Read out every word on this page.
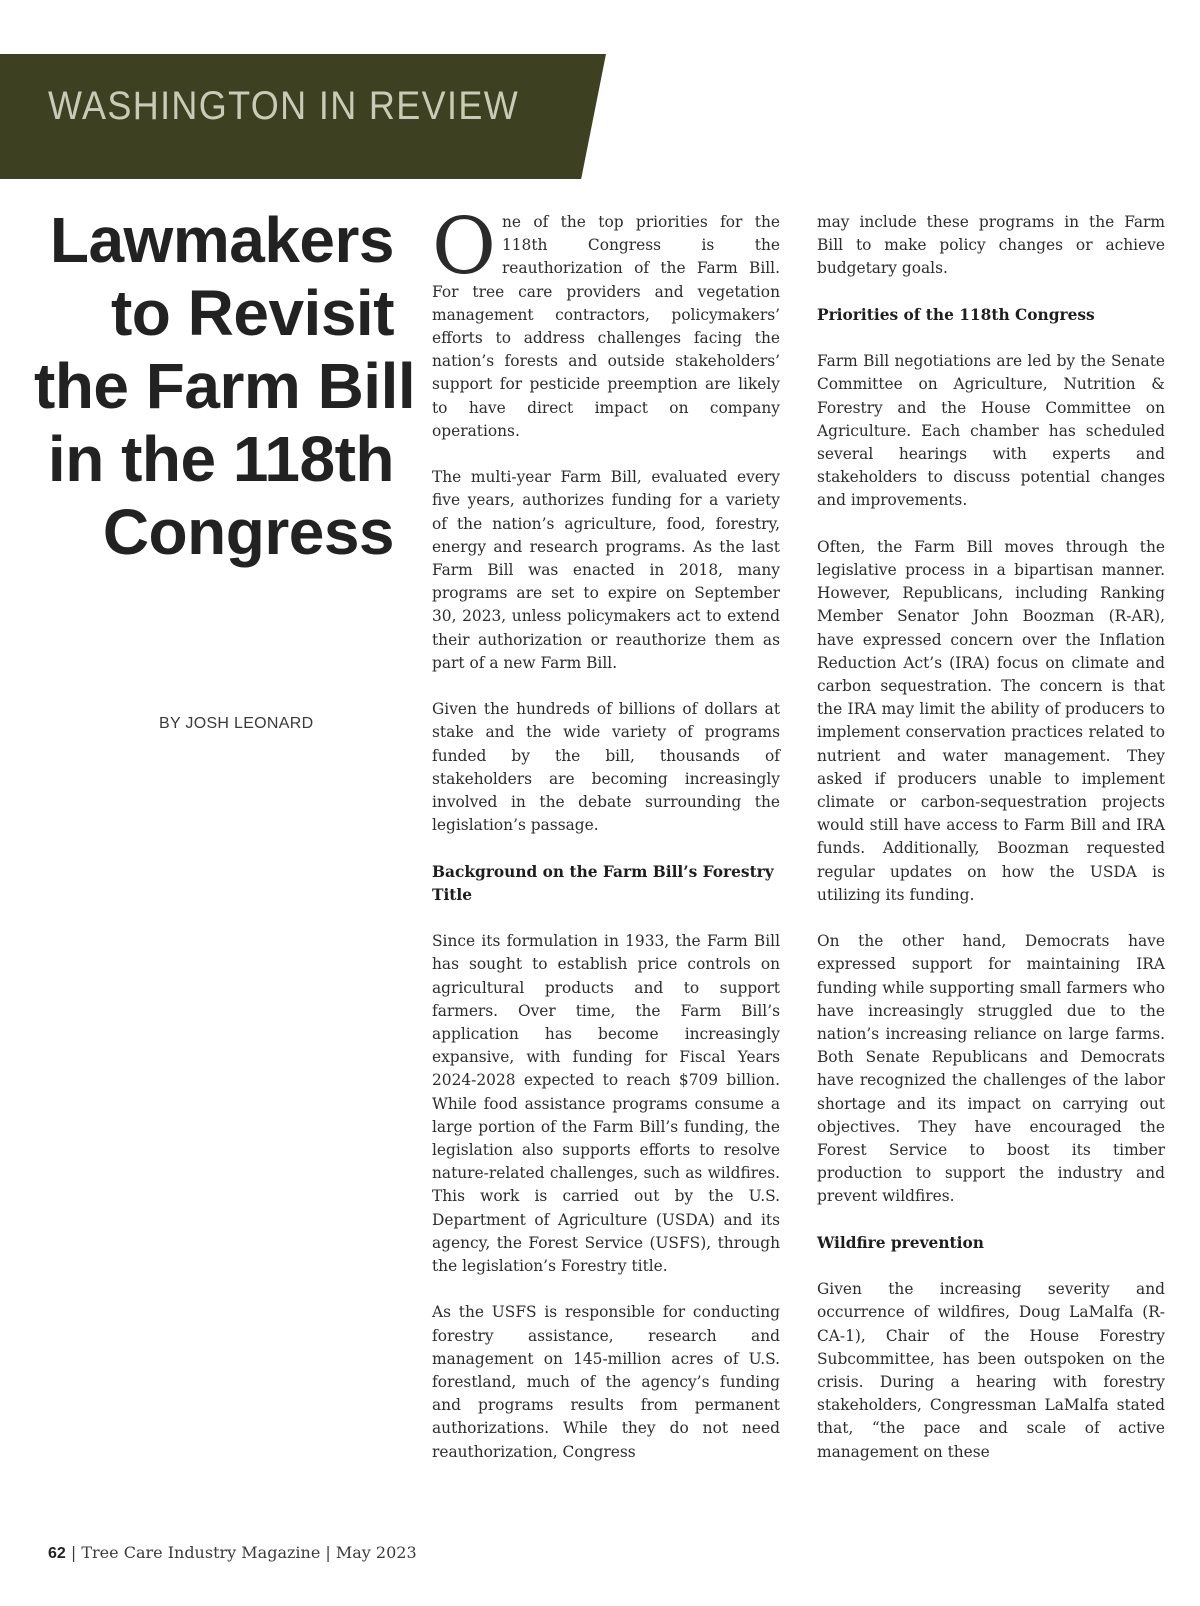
WASHINGTON IN REVIEW
Lawmakers
to Revisit
the Farm Bill
in the 118th
Congress
BY JOSH LEONARD

One of the top priorities for the 118th Congress is the reauthorization of the Farm Bill. For tree care providers and vegetation management contractors, policymakers’ efforts to address challenges facing the nation’s forests and outside stakeholders’ support for pesticide preemption are likely to have direct impact on company operations.

The multi-year Farm Bill, evaluated every five years, authorizes funding for a variety of the nation’s agriculture, food, forestry, energy and research programs. As the last Farm Bill was enacted in 2018, many programs are set to expire on September 30, 2023, unless policymakers act to extend their authorization or reauthorize them as part of a new Farm Bill.

Given the hundreds of billions of dollars at stake and the wide variety of programs funded by the bill, thousands of stakeholders are becoming increasingly involved in the debate surrounding the legislation’s passage.

Background on the Farm Bill’s Forestry Title

Since its formulation in 1933, the Farm Bill has sought to establish price controls on agricultural products and to support farmers. Over time, the Farm Bill’s application has become increasingly expansive, with funding for Fiscal Years 2024-2028 expected to reach $709 billion. While food assistance programs consume a large portion of the Farm Bill’s funding, the legislation also supports efforts to resolve nature-related challenges, such as wildfires. This work is carried out by the U.S. Department of Agriculture (USDA) and its agency, the Forest Service (USFS), through the legislation’s Forestry title.

As the USFS is responsible for conducting forestry assistance, research and management on 145-million acres of U.S. forestland, much of the agency’s funding and programs results from permanent authorizations. While they do not need reauthorization, Congress

may include these programs in the Farm Bill to make policy changes or achieve budgetary goals.

Priorities of the 118th Congress

Farm Bill negotiations are led by the Senate Committee on Agriculture, Nutrition & Forestry and the House Committee on Agriculture. Each chamber has scheduled several hearings with experts and stakeholders to discuss potential changes and improvements.

Often, the Farm Bill moves through the legislative process in a bipartisan manner. However, Republicans, including Ranking Member Senator John Boozman (R-AR), have expressed concern over the Inflation Reduction Act’s (IRA) focus on climate and carbon sequestration. The concern is that the IRA may limit the ability of producers to implement conservation practices related to nutrient and water management. They asked if producers unable to implement climate or carbon-sequestration projects would still have access to Farm Bill and IRA funds. Additionally, Boozman requested regular updates on how the USDA is utilizing its funding.

On the other hand, Democrats have expressed support for maintaining IRA funding while supporting small farmers who have increasingly struggled due to the nation’s increasing reliance on large farms. Both Senate Republicans and Democrats have recognized the challenges of the labor shortage and its impact on carrying out objectives. They have encouraged the Forest Service to boost its timber production to support the industry and prevent wildfires.

Wildfire prevention

Given the increasing severity and occurrence of wildfires, Doug LaMalfa (R-CA-1), Chair of the House Forestry Subcommittee, has been outspoken on the crisis. During a hearing with forestry stakeholders, Congressman LaMalfa stated that, “the pace and scale of active management on these

62 | Tree Care Industry Magazine | May 2023
